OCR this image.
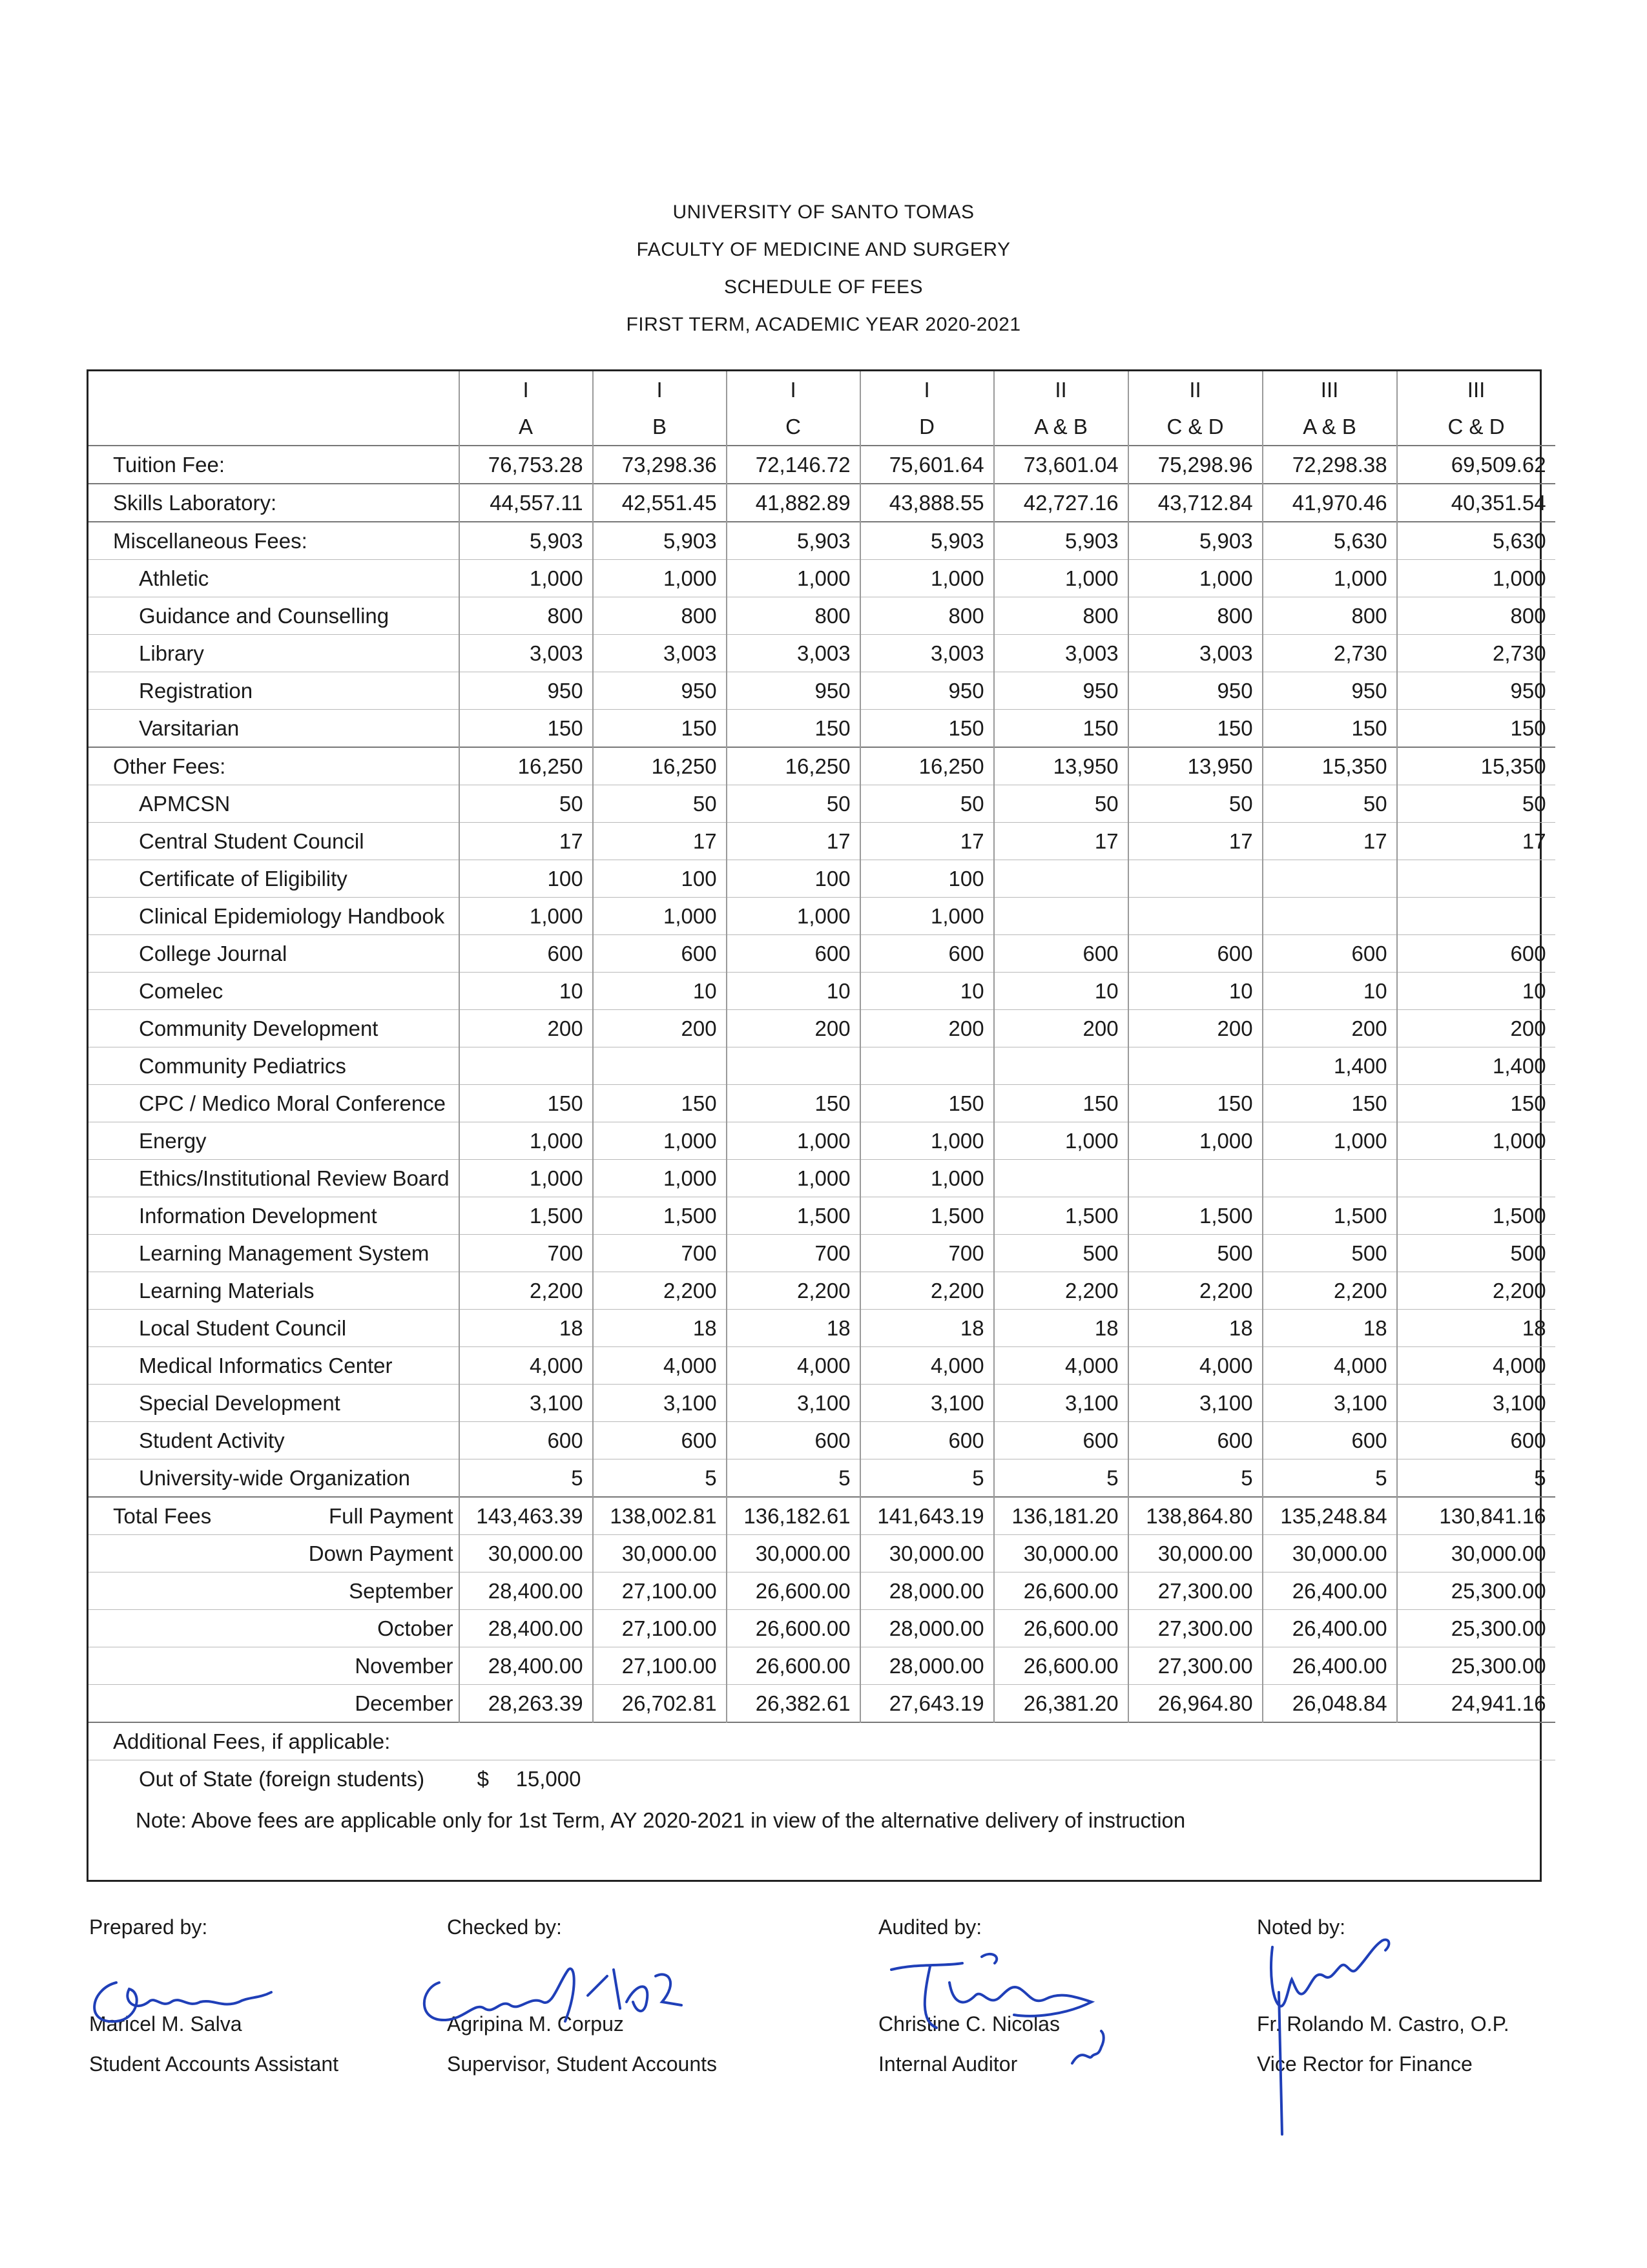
UNIVERSITY OF SANTO TOMAS
FACULTY OF MEDICINE AND SURGERY
SCHEDULE OF FEES
FIRST TERM, ACADEMIC YEAR 2020-2021
	I	I	I	I	II	II	III	III
	A	B	C	D	A & B	C & D	A & B	C & D
Tuition Fee:	76,753.28	73,298.36	72,146.72	75,601.64	73,601.04	75,298.96	72,298.38	69,509.62
Skills Laboratory:	44,557.11	42,551.45	41,882.89	43,888.55	42,727.16	43,712.84	41,970.46	40,351.54
Miscellaneous Fees:	5,903	5,903	5,903	5,903	5,903	5,903	5,630	5,630
Athletic	1,000	1,000	1,000	1,000	1,000	1,000	1,000	1,000
Guidance and Counselling	800	800	800	800	800	800	800	800
Library	3,003	3,003	3,003	3,003	3,003	3,003	2,730	2,730
Registration	950	950	950	950	950	950	950	950
Varsitarian	150	150	150	150	150	150	150	150
Other Fees:	16,250	16,250	16,250	16,250	13,950	13,950	15,350	15,350
APMCSN	50	50	50	50	50	50	50	50
Central Student Council	17	17	17	17	17	17	17	17
Certificate of Eligibility	100	100	100	100				
Clinical Epidemiology Handbook	1,000	1,000	1,000	1,000				
College Journal	600	600	600	600	600	600	600	600
Comelec	10	10	10	10	10	10	10	10
Community Development	200	200	200	200	200	200	200	200
Community Pediatrics							1,400	1,400
CPC / Medico Moral Conference	150	150	150	150	150	150	150	150
Energy	1,000	1,000	1,000	1,000	1,000	1,000	1,000	1,000
Ethics/Institutional Review Board	1,000	1,000	1,000	1,000				
Information Development	1,500	1,500	1,500	1,500	1,500	1,500	1,500	1,500
Learning Management System	700	700	700	700	500	500	500	500
Learning Materials	2,200	2,200	2,200	2,200	2,200	2,200	2,200	2,200
Local Student Council	18	18	18	18	18	18	18	18
Medical Informatics Center	4,000	4,000	4,000	4,000	4,000	4,000	4,000	4,000
Special Development	3,100	3,100	3,100	3,100	3,100	3,100	3,100	3,100
Student Activity	600	600	600	600	600	600	600	600
University-wide Organization	5	5	5	5	5	5	5	5
Total Fees Full Payment	143,463.39	138,002.81	136,182.61	141,643.19	136,181.20	138,864.80	135,248.84	130,841.16
Down Payment	30,000.00	30,000.00	30,000.00	30,000.00	30,000.00	30,000.00	30,000.00	30,000.00
September	28,400.00	27,100.00	26,600.00	28,000.00	26,600.00	27,300.00	26,400.00	25,300.00
October	28,400.00	27,100.00	26,600.00	28,000.00	26,600.00	27,300.00	26,400.00	25,300.00
November	28,400.00	27,100.00	26,600.00	28,000.00	26,600.00	27,300.00	26,400.00	25,300.00
December	28,263.39	26,702.81	26,382.61	27,643.19	26,381.20	26,964.80	26,048.84	24,941.16
Additional Fees, if applicable:								
Out of State (foreign students)	$ 15,000							
Note: Above fees are applicable only for 1st Term, AY 2020-2021 in view of the alternative delivery of instruction
Prepared by:
Maricel M. Salva
Student Accounts Assistant
Checked by:
Agripina M. Corpuz
Supervisor, Student Accounts
Audited by:
Christine C. Nicolas
Internal Auditor
Noted by:
Fr. Rolando M. Castro, O.P.
Vice Rector for Finance
